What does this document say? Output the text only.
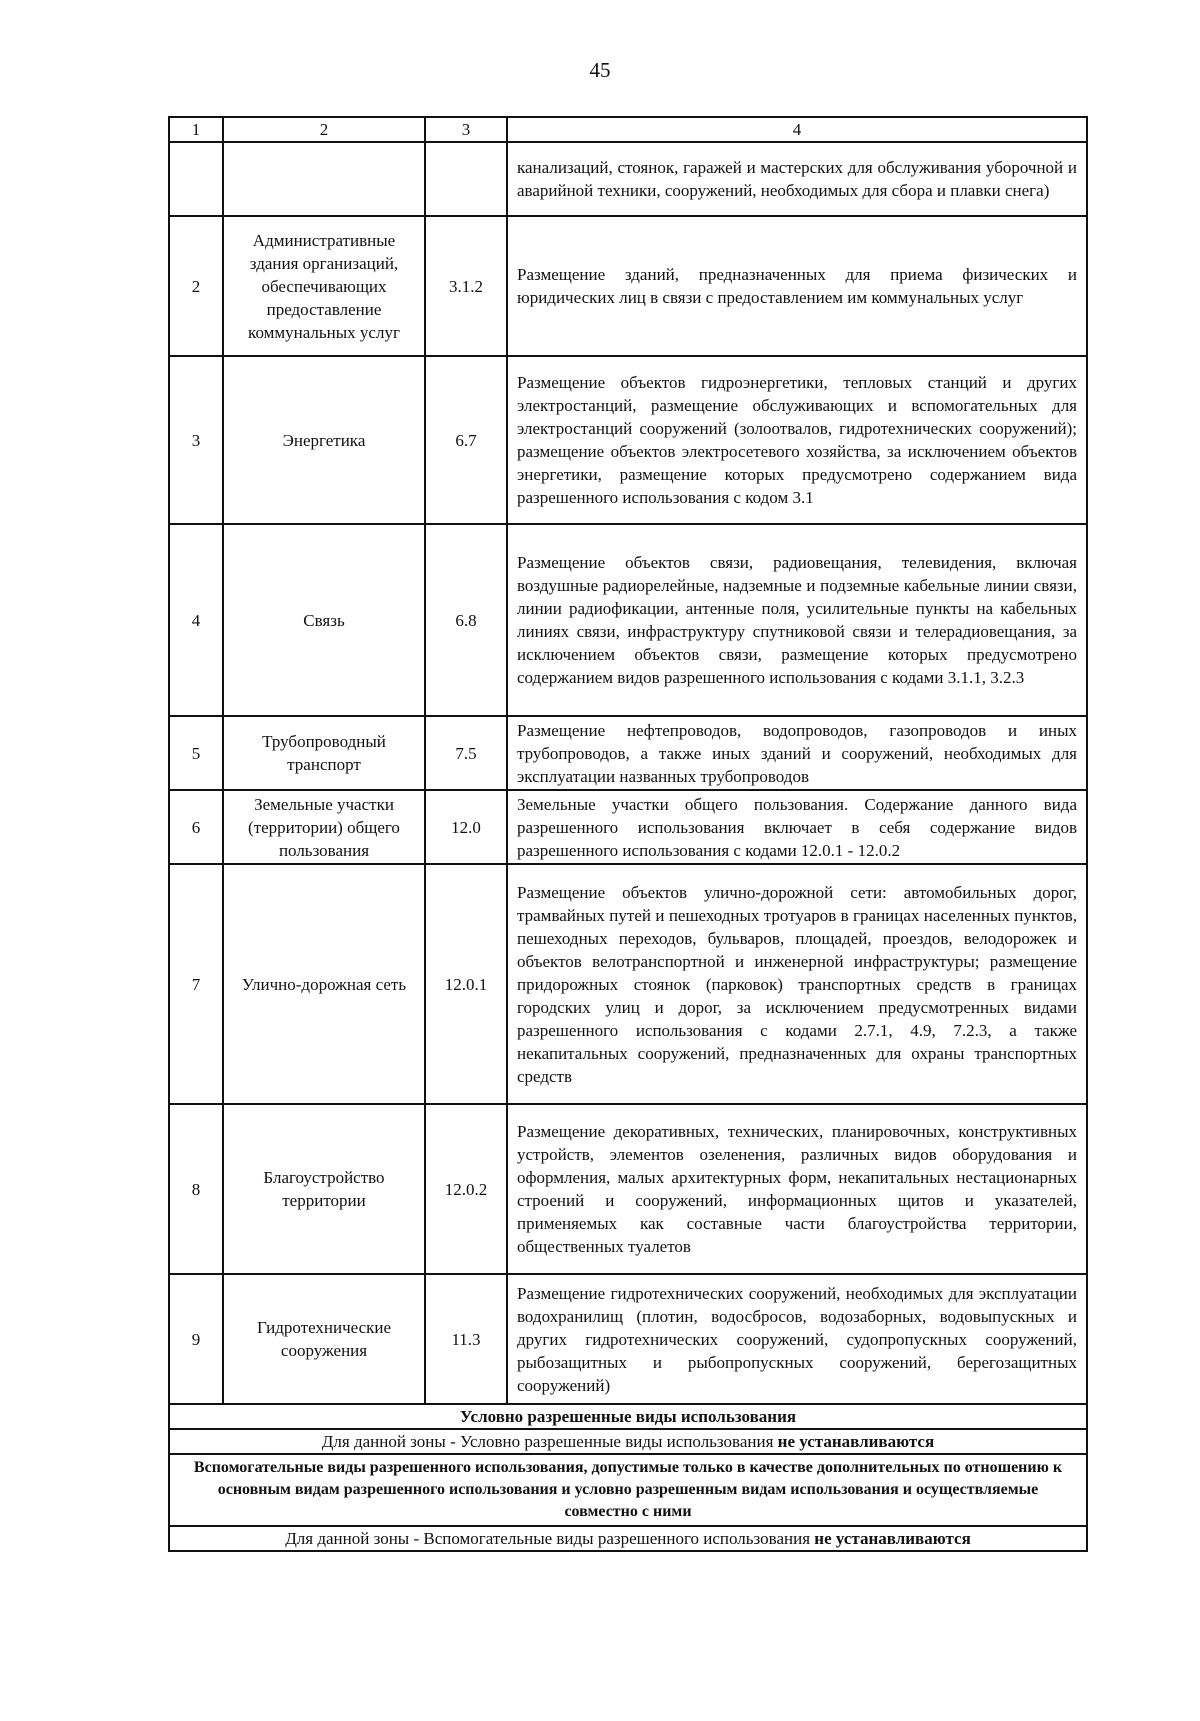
45
1	2	3	4
			канализаций, стоянок, гаражей и мастерских для обслуживания уборочной и аварийной техники, сооружений, необходимых для сбора и плавки снега)
2	Административные здания организаций, обеспечивающих предоставление коммунальных услуг	3.1.2	Размещение зданий, предназначенных для приема физических и юридических лиц в связи с предоставлением им коммунальных услуг
3	Энергетика	6.7	Размещение объектов гидроэнергетики, тепловых станций и других электростанций, размещение обслуживающих и вспомогательных для электростанций сооружений (золоотвалов, гидротехнических сооружений); размещение объектов электросетевого хозяйства, за исключением объектов энергетики, размещение которых предусмотрено содержанием вида разрешенного использования с кодом 3.1
4	Связь	6.8	Размещение объектов связи, радиовещания, телевидения, включая воздушные радиорелейные, надземные и подземные кабельные линии связи, линии радиофикации, антенные поля, усилительные пункты на кабельных линиях связи, инфраструктуру спутниковой связи и телерадиовещания, за исключением объектов связи, размещение которых предусмотрено содержанием видов разрешенного использования с кодами 3.1.1, 3.2.3
5	Трубопроводный транспорт	7.5	Размещение нефтепроводов, водопроводов, газопроводов и иных трубопроводов, а также иных зданий и сооружений, необходимых для эксплуатации названных трубопроводов
6	Земельные участки (территории) общего пользования	12.0	Земельные участки общего пользования. Содержание данного вида разрешенного использования включает в себя содержание видов разрешенного использования с кодами 12.0.1 - 12.0.2
7	Улично-дорожная сеть	12.0.1	Размещение объектов улично-дорожной сети: автомобильных дорог, трамвайных путей и пешеходных тротуаров в границах населенных пунктов, пешеходных переходов, бульваров, площадей, проездов, велодорожек и объектов велотранспортной и инженерной инфраструктуры; размещение придорожных стоянок (парковок) транспортных средств в границах городских улиц и дорог, за исключением предусмотренных видами разрешенного использования с кодами 2.7.1, 4.9, 7.2.3, а также некапитальных сооружений, предназначенных для охраны транспортных средств
8	Благоустройство территории	12.0.2	Размещение декоративных, технических, планировочных, конструктивных устройств, элементов озеленения, различных видов оборудования и оформления, малых архитектурных форм, некапитальных нестационарных строений и сооружений, информационных щитов и указателей, применяемых как составные части благоустройства территории, общественных туалетов
9	Гидротехнические сооружения	11.3	Размещение гидротехнических сооружений, необходимых для эксплуатации водохранилищ (плотин, водосбросов, водозаборных, водовыпускных и других гидротехнических сооружений, судопропускных сооружений, рыбозащитных и рыбопропускных сооружений, берегозащитных сооружений)
Условно разрешенные виды использования			
Для данной зоны - Условно разрешенные виды использования не устанавливаются			
Вспомогательные виды разрешенного использования, допустимые только в качестве дополнительных по отношению к основным видам разрешенного использования и условно разрешенным видам использования и осуществляемые совместно с ними			
Для данной зоны - Вспомогательные виды разрешенного использования не устанавливаются			
